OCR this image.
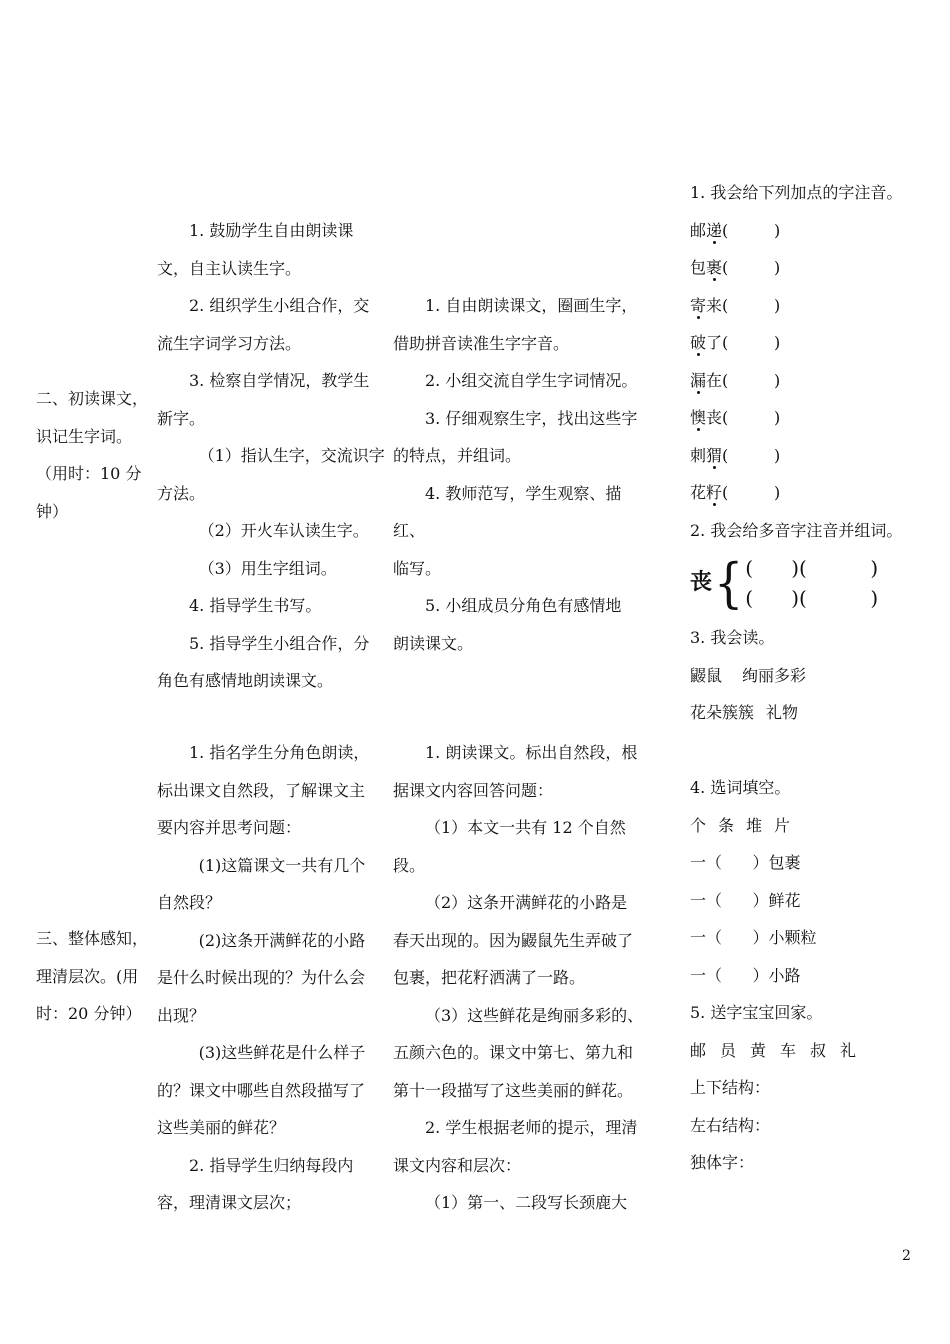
二、初读课文，
识记生字词。
（用时：10 分
钟）
三、整体感知，
理清层次。(用
时：20 分钟）

1. 鼓励学生自由朗读课

文，自主认读生字。

2. 组织学生小组合作，交

流生字词学习方法。

3. 检察自学情况，教学生

新字。

（1）指认生字，交流识字

方法。

（2）开火车认读生字。

（3）用生字组词。

4. 指导学生书写。

5. 指导学生小组合作，分

角色有感情地朗读课文。

1. 指名学生分角色朗读，

标出课文自然段，了解课文主

要内容并思考问题：

(1)这篇课文一共有几个

自然段？

(2)这条开满鲜花的小路

是什么时候出现的？为什么会

出现？

(3)这些鲜花是什么样子

的？课文中哪些自然段描写了

这些美丽的鲜花？

2. 指导学生归纳每段内

容，理清课文层次；

1. 自由朗读课文，圈画生字，

借助拼音读准生字字音。

2. 小组交流自学生字词情况。

3. 仔细观察生字，找出这些字

的特点，并组词。

4. 教师范写，学生观察、描红、

临写。

5. 小组成员分角色有感情地

朗读课文。

1. 朗读课文。标出自然段，根

据课文内容回答问题：

（1）本文一共有 12 个自然

段。

（2）这条开满鲜花的小路是

春天出现的。因为鼹鼠先生弄破了

包裹，把花籽洒满了一路。

（3）这些鲜花是绚丽多彩的、

五颜六色的。课文中第七、第九和

第十一段描写了这些美丽的鲜花。

2. 学生根据老师的提示，理清

课文内容和层次：

（1）第一、二段写长颈鹿大

1. 我会给下列加点的字注音。
邮递(         )
包裹(         )
寄来(         )
破了(         )
漏在(         )
懊丧(         )
刺猬(         )
花籽(         )
2. 我会给多音字注音并组词。
丧 { (      )(          )
(      )(          )
3. 我会读。
鼹鼠 绚丽多彩
花朵簇簇 礼物
4. 选词填空。
个 条 堆 片
一（      ）包裹
一（      ）鲜花
一（      ）小颗粒
一（      ）小路
5. 送字宝宝回家。
邮 员 黄 车 叔 礼
上下结构：
左右结构：
独体字：
2
